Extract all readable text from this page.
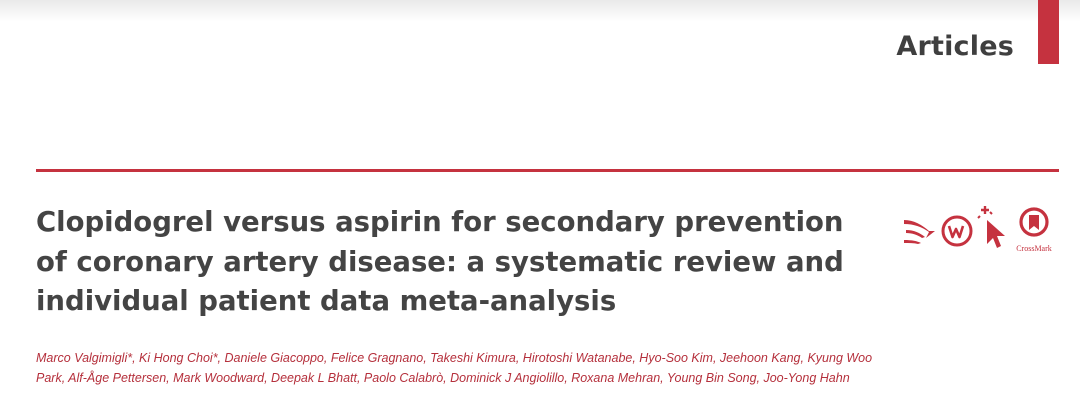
Articles
Clopidogrel versus aspirin for secondary prevention of coronary artery disease: a systematic review and individual patient data meta-analysis
CrossMark

Marco Valgimigli*, Ki Hong Choi*, Daniele Giacoppo, Felice Gragnano, Takeshi Kimura, Hirotoshi Watanabe, Hyo-Soo Kim, Jeehoon Kang, Kyung Woo Park, Alf-Åge Pettersen, Mark Woodward, Deepak L Bhatt, Paolo Calabrò, Dominick J Angiolillo, Roxana Mehran, Young Bin Song, Joo-Yong Hahn
